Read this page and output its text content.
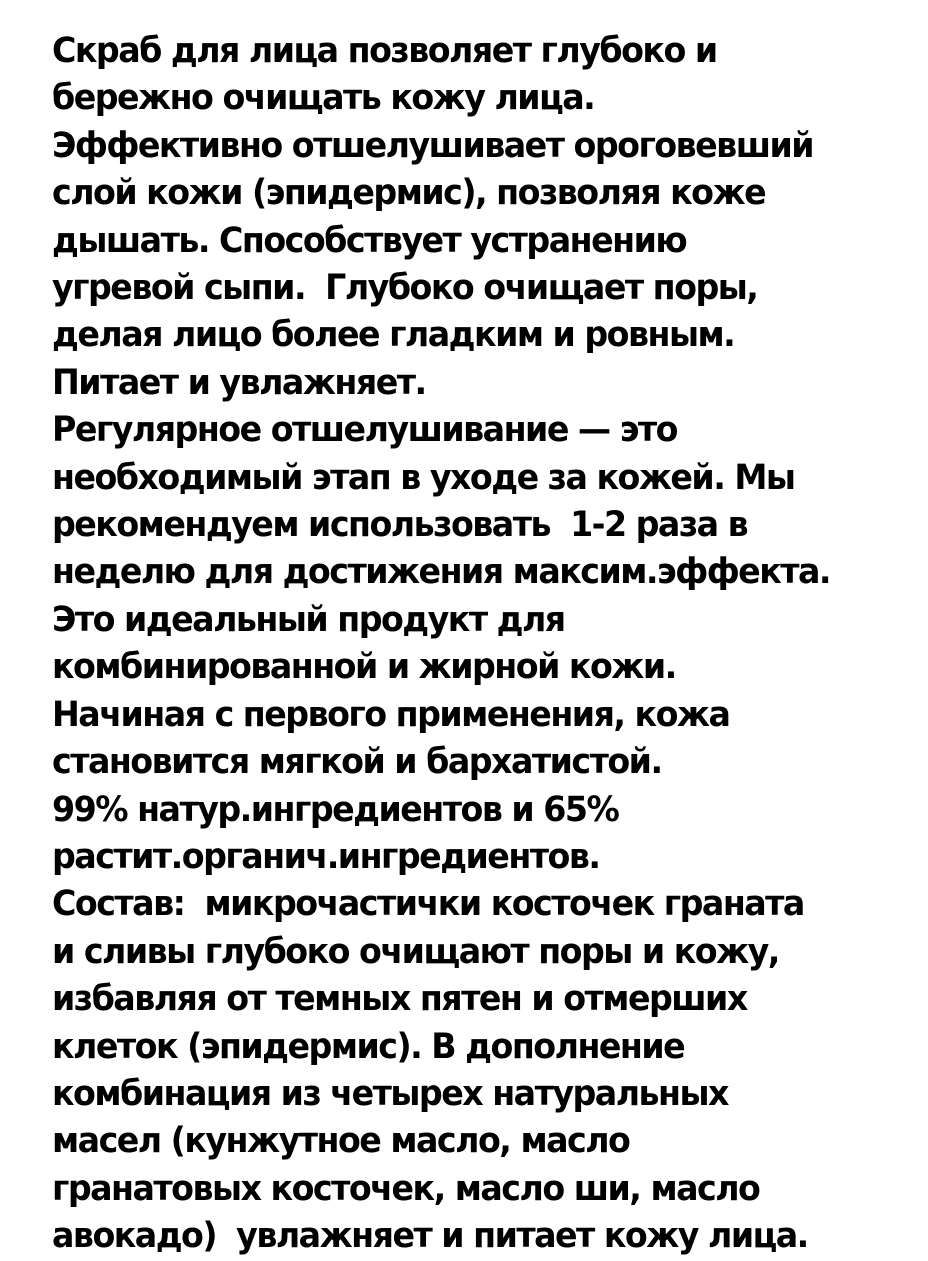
Скраб для лица позволяет глубоко и
бережно очищать кожу лица.
Эффективно отшелушивает ороговевший
слой кожи (эпидермис), позволяя коже
дышать. Способствует устранению
угревой сыпи.  Глубоко очищает поры,
делая лицо более гладким и ровным.
Питает и увлажняет.
Регулярное отшелушивание — это
необходимый этап в уходе за кожей. Мы
рекомендуем использовать  1-2 раза в
неделю для достижения максим.эффекта.
Это идеальный продукт для
комбинированной и жирной кожи.
Начиная с первого применения, кожа
становится мягкой и бархатистой.
99% натур.ингредиентов и 65%
растит.органич.ингредиентов.
Состав:  микрочастички косточек граната
и сливы глубоко очищают поры и кожу,
избавляя от темных пятен и отмерших
клеток (эпидермис). В дополнение
комбинация из четырех натуральных
масел (кунжутное масло, масло
гранатовых косточек, масло ши, масло
авокадо)  увлажняет и питает кожу лица.
